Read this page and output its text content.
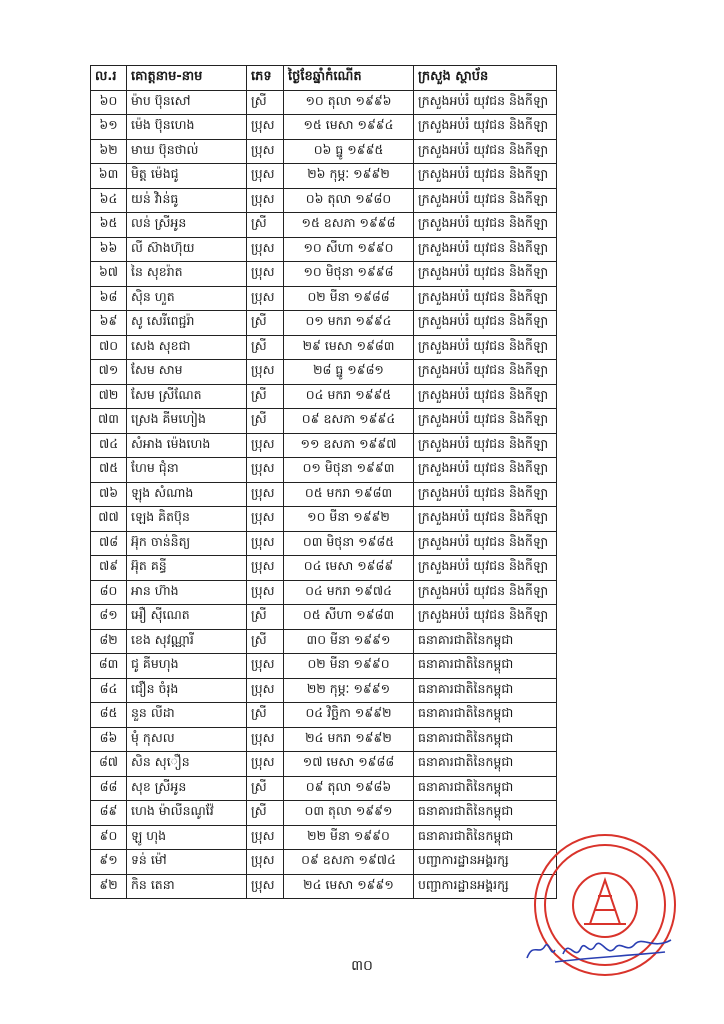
ល.រ	គោត្តនាម-នាម	ភេទ	ថ្ងៃខែឆ្នាំកំណើត	ក្រសួង ស្ថាប័ន
៦០	ម៉ាប ប៊ុនសៅ	ស្រី	១០ តុលា ១៩៩៦	ក្រសួងអប់រំ យុវជន និងកីឡា
៦១	ម៉េង ប៊ុនហេង	ប្រុស	១៥ មេសា ១៩៩៤	ក្រសួងអប់រំ យុវជន និងកីឡា
៦២	មាឃ ប៊ុនថាល់	ប្រុស	០៦ ធ្នូ ១៩៩៥	ក្រសួងអប់រំ យុវជន និងកីឡា
៦៣	មិត្ត ម៉េងជូ	ប្រុស	២៦ កុម្ភៈ ១៩៩២	ក្រសួងអប់រំ យុវជន និងកីឡា
៦៤	យន់ វិាន់ធូ	ប្រុស	០៦ តុលា ១៩៨០	ក្រសួងអប់រំ យុវជន និងកីឡា
៦៥	លន់ ស្រីអូន	ស្រី	១៥ ឧសភា ១៩៩៨	ក្រសួងអប់រំ យុវជន និងកីឡា
៦៦	លី ស៊ាងហ៊ុយ	ប្រុស	១០ សីហា ១៩៩០	ក្រសួងអប់រំ យុវជន និងកីឡា
៦៧	នៃ សុខរ៉ាត	ប្រុស	១០ មិថុនា ១៩៩៨	ក្រសួងអប់រំ យុវជន និងកីឡា
៦៨	ស៊ិន ហួត	ប្រុស	០២ មីនា ១៩៨៨	ក្រសួងអប់រំ យុវជន និងកីឡា
៦៩	សូ សេរីពេជ្ជរ៉ា	ស្រី	០១ មករា ១៩៩៤	ក្រសួងអប់រំ យុវជន និងកីឡា
៧០	សេង សុខជា	ស្រី	២៩ មេសា ១៩៨៣	ក្រសួងអប់រំ យុវជន និងកីឡា
៧១	សែម សាម	ប្រុស	២៨ ធ្នូ ១៩៨១	ក្រសួងអប់រំ យុវជន និងកីឡា
៧២	សែម ស្រីណែត	ស្រី	០៤ មករា ១៩៩៥	ក្រសួងអប់រំ យុវជន និងកីឡា
៧៣	ស្រេង គីមហៀង	ស្រី	០៩ ឧសភា ១៩៩៤	ក្រសួងអប់រំ យុវជន និងកីឡា
៧៤	សំអាង ម៉េងហេង	ប្រុស	១១ ឧសភា ១៩៩៧	ក្រសួងអប់រំ យុវជន និងកីឡា
៧៥	ហែម ជុំនា	ប្រុស	០១ មិថុនា ១៩៩៣	ក្រសួងអប់រំ យុវជន និងកីឡា
៧៦	ឡុង សំណាង	ប្រុស	០៥ មករា ១៩៨៣	ក្រសួងអប់រំ យុវជន និងកីឡា
៧៧	ឡេង គិតប៊ុន	ប្រុស	១០ មីនា ១៩៩២	ក្រសួងអប់រំ យុវជន និងកីឡា
៧៨	អ៊ុក ចាន់និត្យ	ប្រុស	០៣ មិថុនា ១៩៨៥	ក្រសួងអប់រំ យុវជន និងកីឡា
៧៩	អ៊ុត គន្ធី	ប្រុស	០៤ មេសា ១៩៨៩	ក្រសួងអប់រំ យុវជន និងកីឡា
៨០	អាន ហ៊ាង	ប្រុស	០៤ មករា ១៩៧៤	ក្រសួងអប់រំ យុវជន និងកីឡា
៨១	អឿ ស៊ីណេត	ស្រី	០៥ សីហា ១៩៨៣	ក្រសួងអប់រំ យុវជន និងកីឡា
៨២	ខេង សុវណ្ណារី	ស្រី	៣០ មីនា ១៩៩១	ធនាគារជាតិនៃកម្ពុជា
៨៣	ជូ គីមហុង	ប្រុស	០២ មីនា ១៩៩០	ធនាគារជាតិនៃកម្ពុជា
៨៤	ជឿន ចំរុង	ប្រុស	២២ កុម្ភៈ ១៩៩១	ធនាគារជាតិនៃកម្ពុជា
៨៥	នួន លីដា	ស្រី	០៤ វិច្ឆិកា ១៩៩២	ធនាគារជាតិនៃកម្ពុជា
៨៦	មុំ កុសល	ប្រុស	២៤ មករា ១៩៩២	ធនាគារជាតិនៃកម្ពុជា
៨៧	សិន សុឿន	ប្រុស	១៧ មេសា ១៩៨៨	ធនាគារជាតិនៃកម្ពុជា
៨៨	សុខ ស្រីអូន	ស្រី	០៩ តុលា ១៩៨៦	ធនាគារជាតិនៃកម្ពុជា
៨៩	ហេង ម៉ាលីនណូវ៉ែ	ស្រី	០៣ តុលា ១៩៩១	ធនាគារជាតិនៃកម្ពុជា
៩០	ឡូ ហុង	ប្រុស	២២ មីនា ១៩៩០	ធនាគារជាតិនៃកម្ពុជា
៩១	ទន់ ម៉ៅ	ប្រុស	០៩ ឧសភា ១៩៧៤	បញ្ជាការដ្ឋានអង្គរក្ស
៩២	កិន តេនា	ប្រុស	២៤ មេសា ១៩៩១	បញ្ជាការដ្ឋានអង្គរក្ស
៣០
